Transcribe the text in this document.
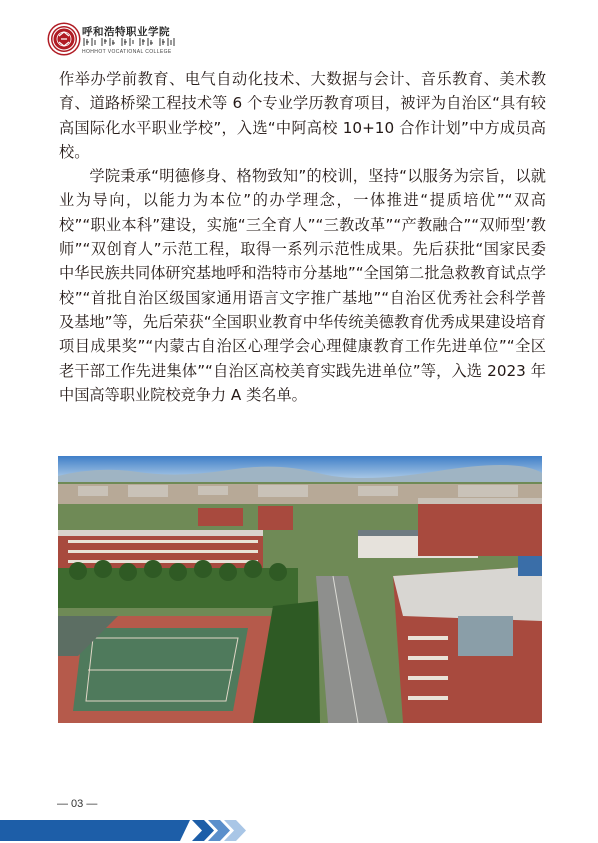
呼和浩特职业学院
HOHHOT VOCATIONAL COLLEGE

作举办学前教育、电气自动化技术、大数据与会计、音乐教育、美术教育、道路桥梁工程技术等 6 个专业学历教育项目，被评为自治区“具有较高国际化水平职业学校”，入选“中阿高校 10+10 合作计划”中方成员高校。

学院秉承“明德修身、格物致知”的校训，坚持“以服务为宗旨，以就业为导向，以能力为本位”的办学理念，一体推进“提质培优”“双高校”“职业本科”建设，实施“三全育人”“三教改革”“产教融合”“双师型’教师”“双创育人”示范工程，取得一系列示范性成果。先后获批“国家民委中华民族共同体研究基地呼和浩特市分基地”“全国第二批急救教育试点学校”“首批自治区级国家通用语言文字推广基地”“自治区优秀社会科学普及基地”等，先后荣获“全国职业教育中华传统美德教育优秀成果建设培育项目成果奖”“内蒙古自治区心理学会心理健康教育工作先进单位”“全区老干部工作先进集体”“自治区高校美育实践先进单位”等，入选 2023 年中国高等职业院校竞争力 A 类名单。

— 03 —
